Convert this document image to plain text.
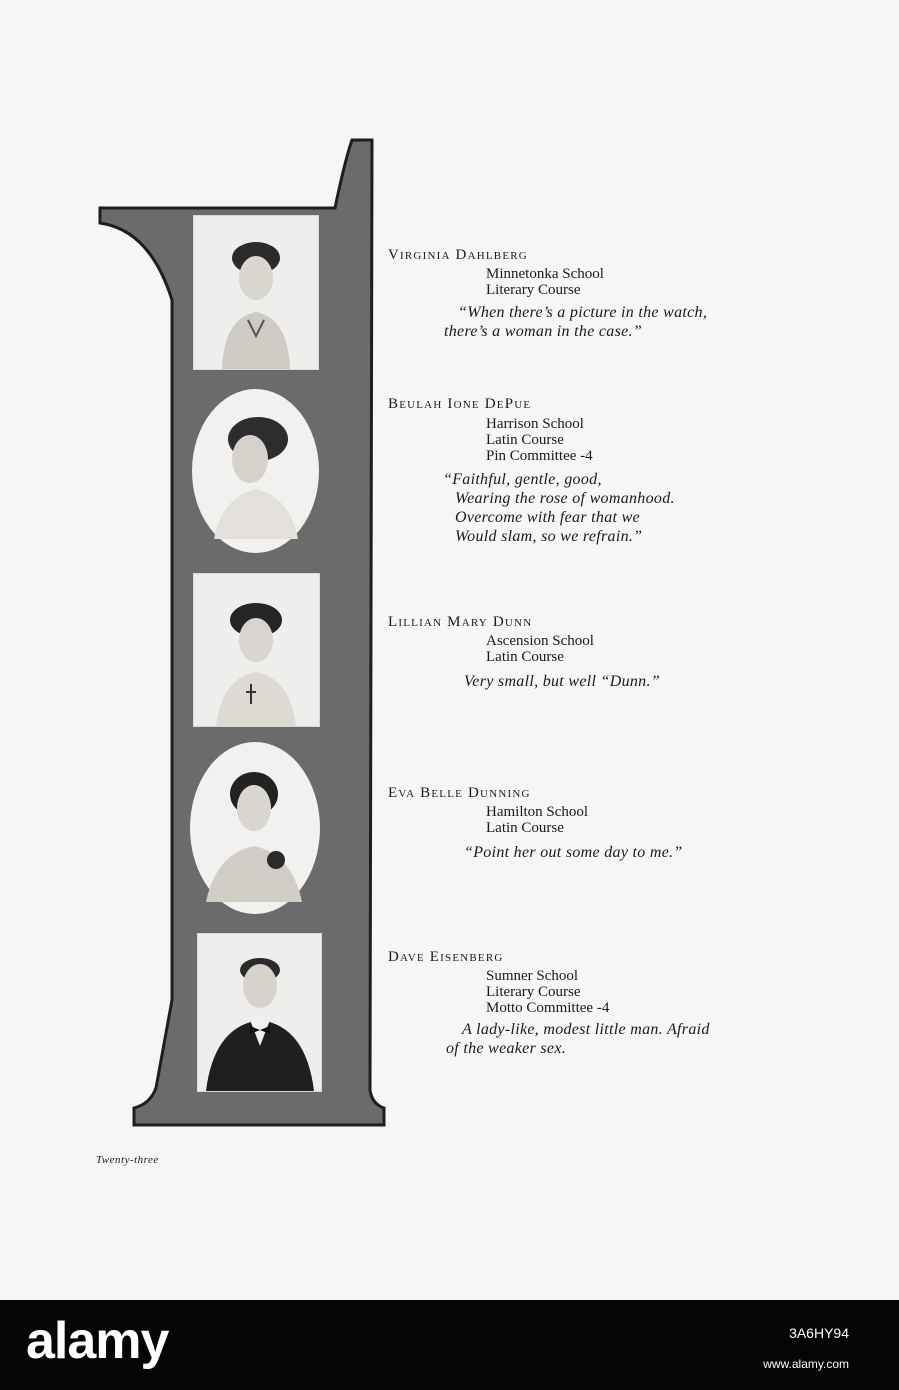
Virginia Dahlberg
Minnetonka School
Literary Course
“When there’s a picture in the watch,
there’s a woman in the case.”
Beulah Ione DePue
Harrison School
Latin Course
Pin Committee -4
“Faithful, gentle, good,
Wearing the rose of womanhood.
Overcome with fear that we
Would slam, so we refrain.”
Lillian Mary Dunn
Ascension School
Latin Course
Very small, but well “Dunn.”
Eva Belle Dunning
Hamilton School
Latin Course
“Point her out some day to me.”
Dave Eisenberg
Sumner School
Literary Course
Motto Committee -4
A lady-like, modest little man. Afraid
of the weaker sex.
Twenty-three
alamy	3A6HY94
www.alamy.com
